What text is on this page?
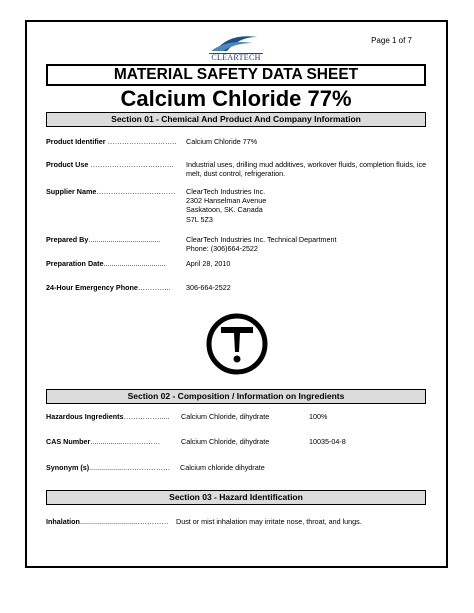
Page 1 of 7
CLEARTECH
MATERIAL SAFETY DATA SHEET
Calcium Chloride 77%
Section 01 - Chemical And Product And Company Information
Product Identifier ……………………….. Calcium Chloride 77%
Product Use …………………………….. Industrial uses, drilling mud additives, workover fluids, completion fluids, ice melt, dust control, refrigeration.
Supplier Name…………………………… ClearTech Industries Inc.
2302 Hanselman Avenue
Saskatoon, SK. Canada
S7L 5Z3
Prepared By....................................	ClearTech Industries Inc. Technical Department
Phone: (306)664-2522
Preparation Date...............................	April 28, 2010
24-Hour Emergency Phone………….. 306-664-2522
Section 02 - Composition / Information on Ingredients
Hazardous Ingredients……………..... Calcium Chloride, dihydrate	100%
CAS Number.................……………	Calcium Chloride, dihydrate	10035-04-8
Synonym (s)...................……………… Calcium chloride dihydrate
Section 03 - Hazard Identification
Inhalation..............................………… Dust or mist inhalation may irritate nose, throat, and lungs.
